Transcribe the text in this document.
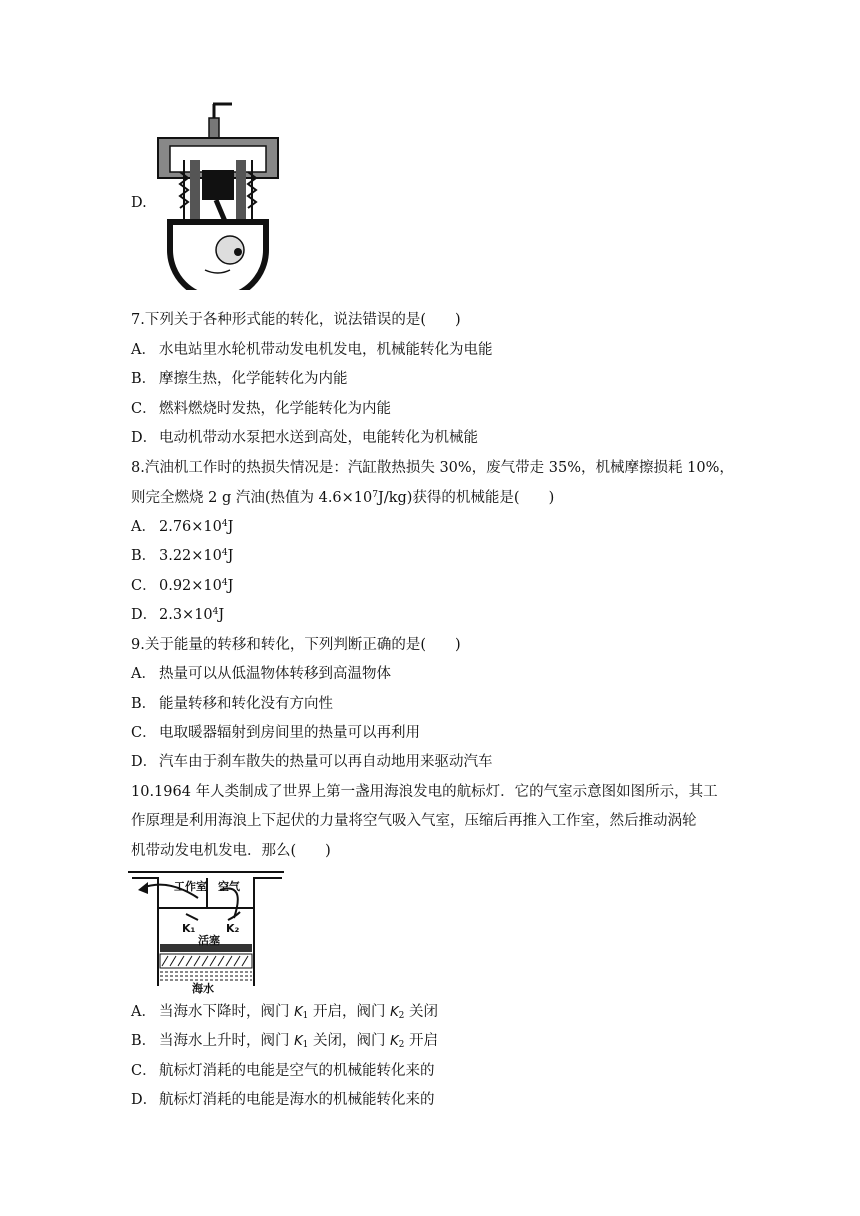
D.
7.下列关于各种形式能的转化，说法错误的是(　　)
A． 水电站里水轮机带动发电机发电，机械能转化为电能
B． 摩擦生热，化学能转化为内能
C． 燃料燃烧时发热，化学能转化为内能
D． 电动机带动水泵把水送到高处，电能转化为机械能
8.汽油机工作时的热损失情况是：汽缸散热损失 30%，废气带走 35%，机械摩擦损耗 10%，
则完全燃烧 2 g 汽油(热值为 $4.6\times 10^7J/kg$)获得的机械能是(　　)
A． $2.76\times 10^4J$
B． $3.22\times 10^4J$
C． $0.92\times 10^4J$
D． $2.3\times 10^4J$
9.关于能量的转移和转化，下列判断正确的是(　　)
A． 热量可以从低温物体转移到高温物体
B． 能量转移和转化没有方向性
C． 电取暖器辐射到房间里的热量可以再利用
D． 汽车由于刹车散失的热量可以再自动地用来驱动汽车
10.1964 年人类制成了世界上第一盏用海浪发电的航标灯．它的气室示意图如图所示，其工
作原理是利用海浪上下起伏的力量将空气吸入气室，压缩后再推入工作室，然后推动涡轮
机带动发电机发电．那么(　　)
工作室 空气
K₁	K₂
活塞
海水
A． 当海水下降时，阀门 $K_1$ 开启，阀门 $K_2$ 关闭
B． 当海水上升时，阀门 $K_1$ 关闭，阀门 $K_2$ 开启
C． 航标灯消耗的电能是空气的机械能转化来的
D． 航标灯消耗的电能是海水的机械能转化来的
